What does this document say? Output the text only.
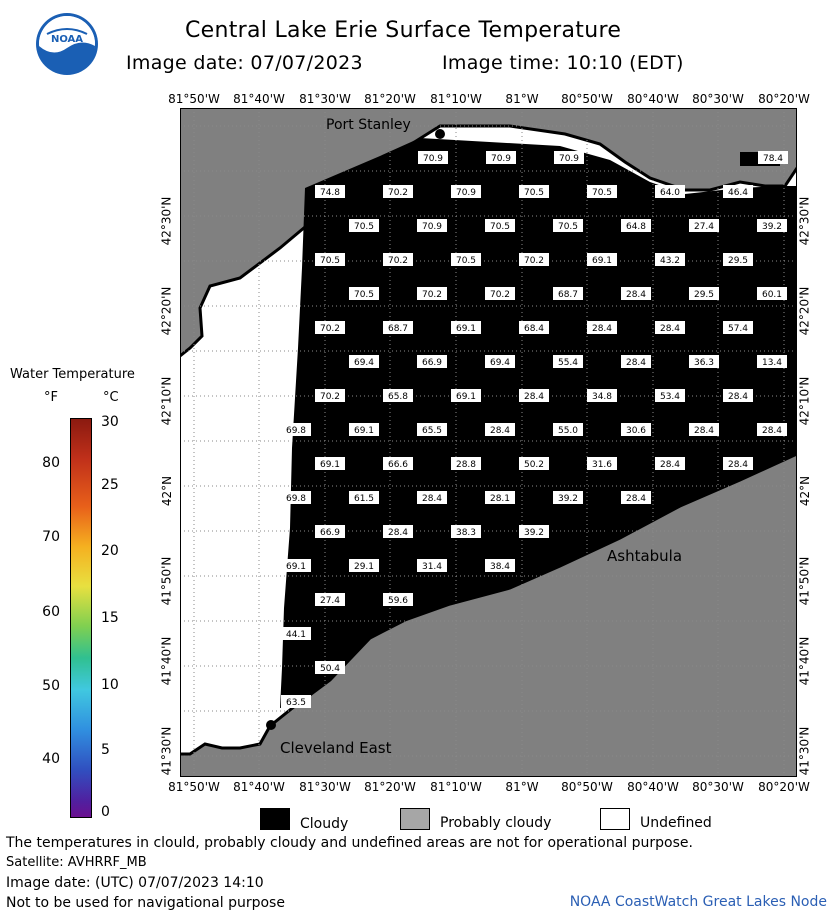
NOAA	Central Lake Erie Surface Temperature
Image date: 07/07/2023	Image time: 10:10 (EDT)
81°50'W 81°40'W 81°30'W 81°20'W 81°10'W 81°W 80°50'W 80°40'W 80°30'W 80°20'W
81°50'W 81°40'W 81°30'W 81°20'W 81°10'W 81°W 80°50'W 80°40'W 80°30'W 80°20'W
42°30'N
42°20'N
42°10'N
42°N
41°50'N
41°40'N
41°30'N
42°30'N
42°20'N
42°10'N
42°N
41°50'N
41°40'N
41°30'N
70.9	70.9	70.9	78.4
74.8	70.2	70.9	70.5	70.5	64.0	46.4
70.5	70.9	70.5	70.5	64.8	27.4	39.2
70.5	70.2	70.5	70.2	69.1	43.2	29.5
70.5	70.2	70.2	68.7	28.4	29.5	60.1
70.2	68.7	69.1	68.4	28.4	28.4	57.4
69.4	66.9	69.4	55.4	28.4	36.3	13.4
70.2	65.8	69.1	28.4	34.8	53.4	28.4
69.8	69.1	65.5	28.4	55.0	30.6	28.4	28.4
69.1	66.6	28.8	50.2	31.6	28.4	28.4
69.8	61.5	28.4	28.1	39.2	28.4
66.9	28.4	38.3	39.2
69.1	29.1	31.4	38.4
27.4	59.6
44.1
50.4
63.5
Port Stanley
Ashtabula
Cleveland East
Water Temperature
°F	°C
80
70
60
50
40
30
25
20
15
10
5
0
Cloudy	Probably cloudy	Undefined
The temperatures in clould, probably cloudy and undefined areas are not for operational purpose.
Satellite: AVHRRF_MB
Image date: (UTC) 07/07/2023 14:10
Not to be used for navigational purpose	NOAA CoastWatch Great Lakes Node
